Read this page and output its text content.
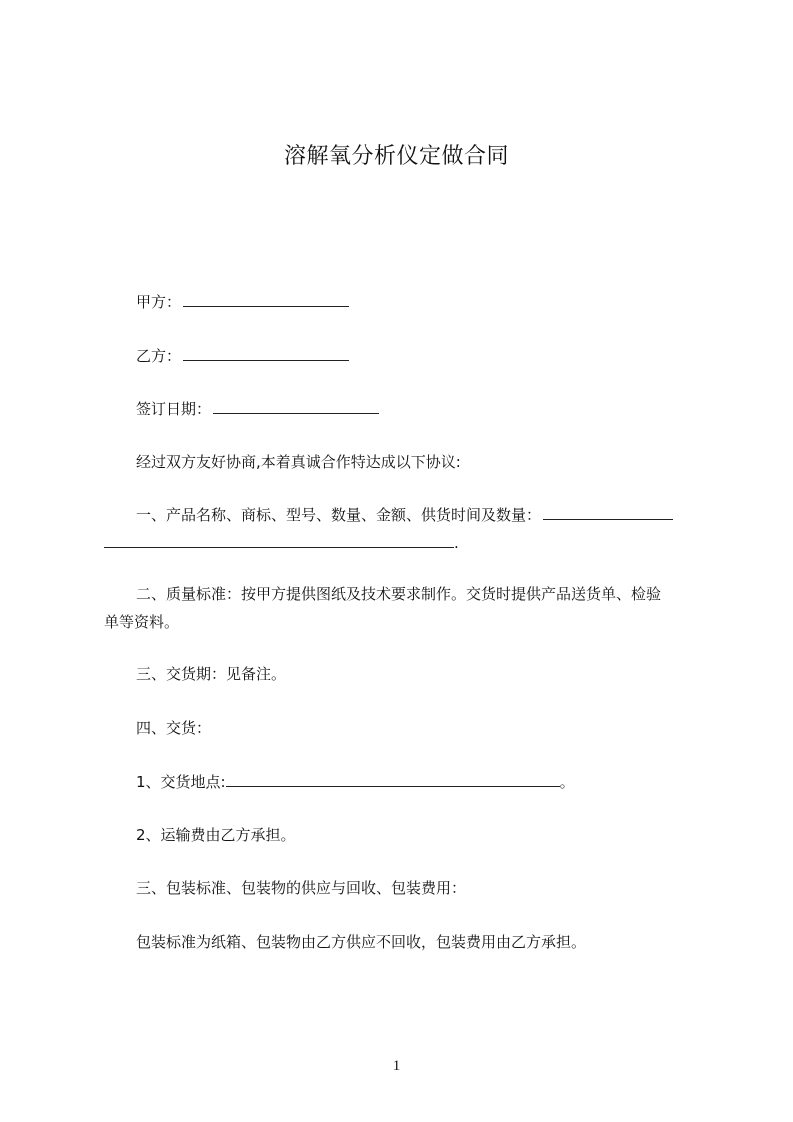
溶解氧分析仪定做合同
甲方：
乙方：
签订日期：
经过双方友好协商,本着真诚合作特达成以下协议:
一、产品名称、商标、型号、数量、金额、供货时间及数量：
.
二、质量标准：按甲方提供图纸及技术要求制作。交货时提供产品送货单、检验
单等资料。
三、交货期：见备注。
四、交货：
1、交货地点:	。
2、运输费由乙方承担。
三、包装标准、包装物的供应与回收、包装费用：
包装标准为纸箱、包装物由乙方供应不回收，包装费用由乙方承担。
1
